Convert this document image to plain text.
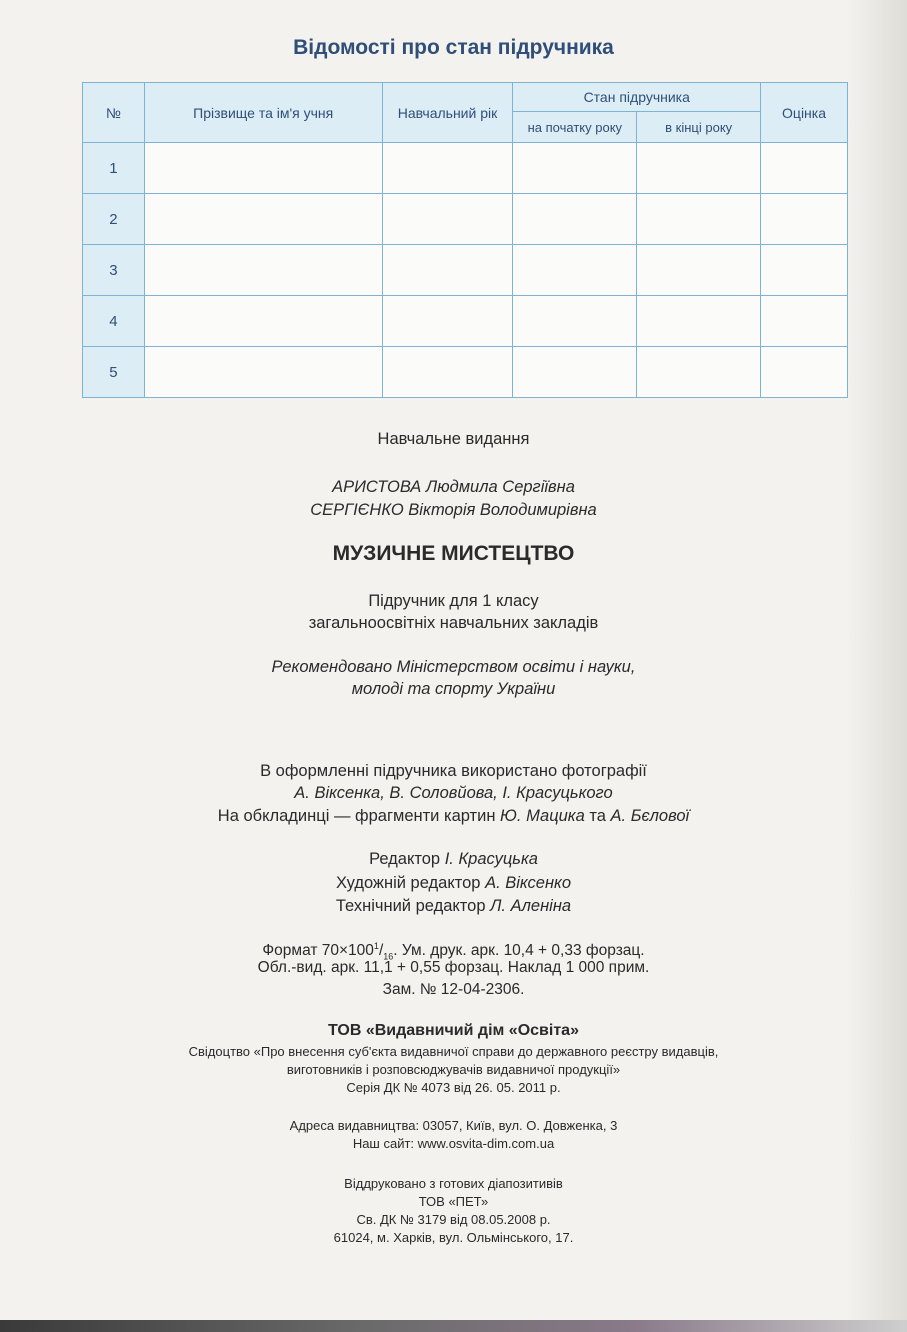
Відомості про стан підручника
№	Прізвище та ім'я учня	Навчальний рік	Стан підручника		Оцінка
			на початку року	в кінці року	
1					
2					
3					
4					
5					
Навчальне видання
АРИСТОВА Людмила Сергіївна
СЕРГІЄНКО Вікторія Володимирівна
МУЗИЧНЕ МИСТЕЦТВО
Підручник для 1 класу
загальноосвітніх навчальних закладів
Рекомендовано Міністерством освіти і науки,
молоді та спорту України
В оформленні підручника використано фотографії
А. Віксенка, В. Соловйова, І. Красуцького
На обкладинці — фрагменти картин Ю. Мацика та А. Бєлової
Редактор І. Красуцька
Художній редактор А. Віксенко
Технічний редактор Л. Аленіна
Формат $70\times 100^1/_{16}$. Ум. друк. арк. 10,4 + 0,33 форзац.
Обл.-вид. арк. 11,1 + 0,55 форзац. Наклад 1 000 прим.
Зам. № 12-04-2306.
ТОВ «Видавничий дім «Освіта»
Свідоцтво «Про внесення суб'єкта видавничої справи до державного реєстру видавців,
виготовників і розповсюджувачів видавничої продукції»
Серія ДК № 4073 від 26. 05. 2011 р.
Адреса видавництва: 03057, Київ, вул. О. Довженка, 3
Наш сайт: www.osvita-dim.com.ua
Віддруковано з готових діапозитивів
ТОВ «ПЕТ»
Св. ДК № 3179 від 08.05.2008 р.
61024, м. Харків, вул. Ольмінського, 17.
